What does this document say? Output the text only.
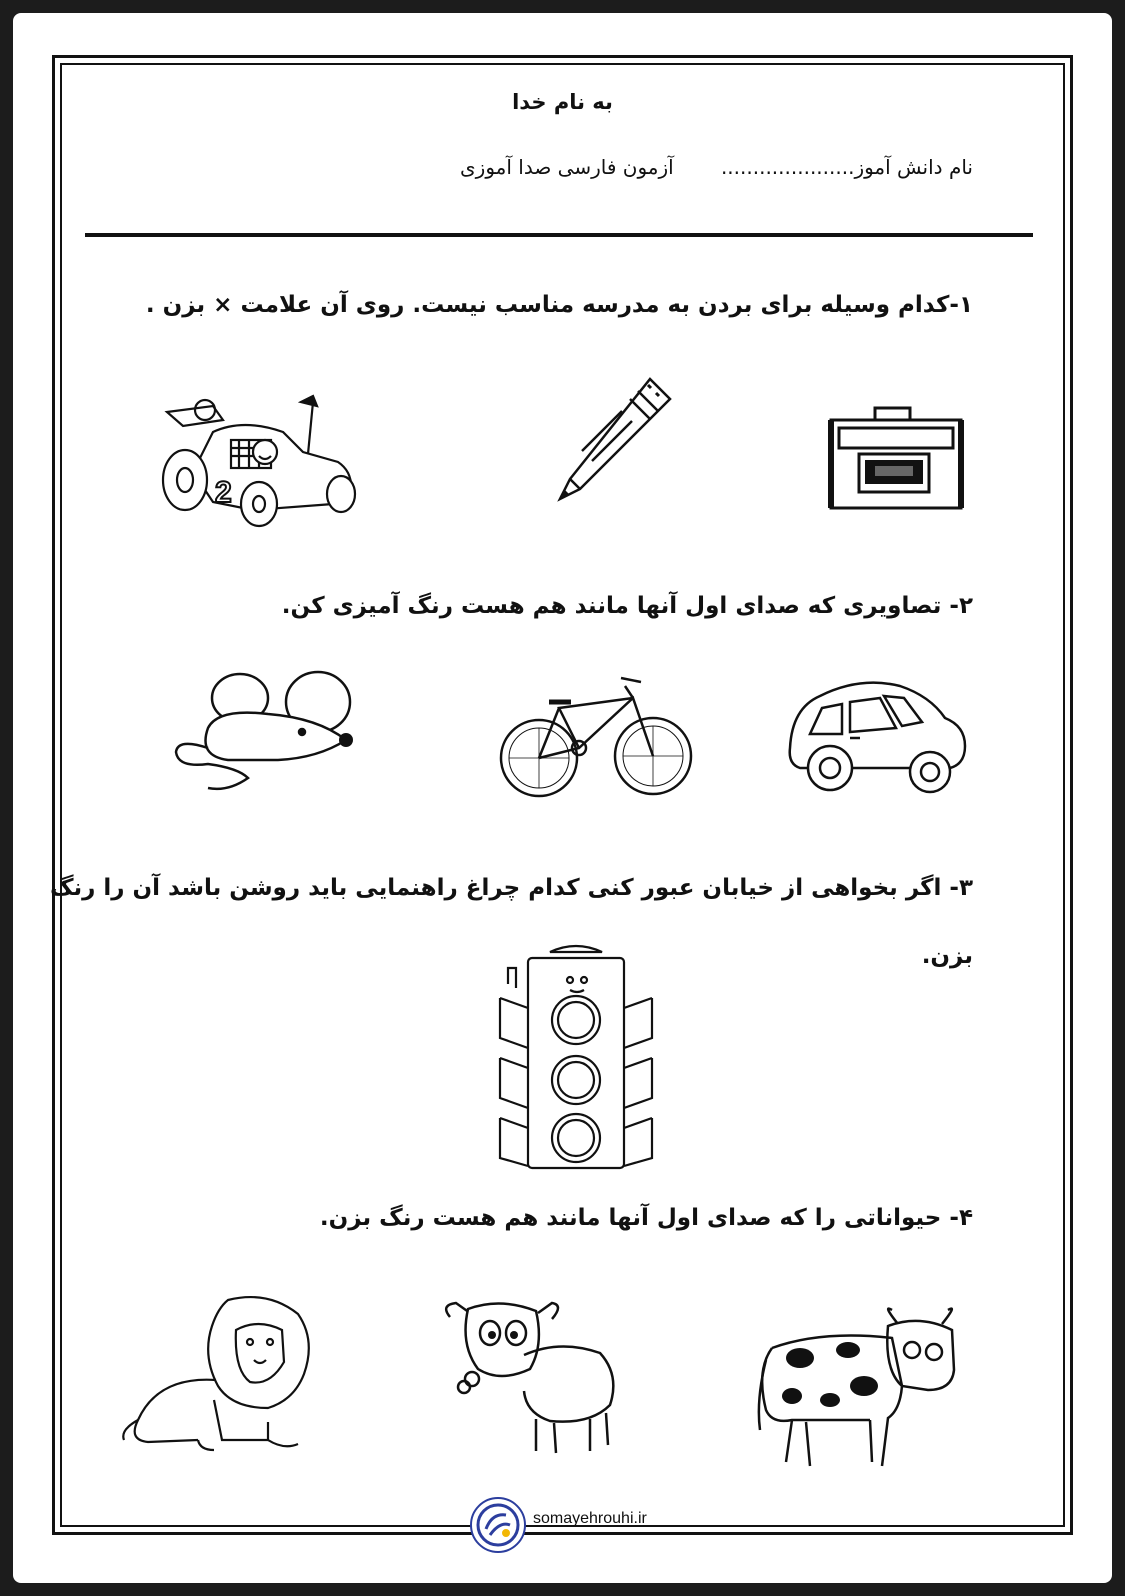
به نام خدا
نام دانش آموز.....................
آزمون فارسی صدا آموزی
۱-کدام وسیله برای بردن به مدرسه مناسب نیست. روی آن علامت × بزن .
2
۲- تصاویری که صدای اول آنها مانند هم هست رنگ آمیزی کن.
۳- اگر بخواهی از خیابان عبور کنی کدام چراغ راهنمایی باید روشن باشد آن را رنگ
بزن.
۴- حیواناتی را که صدای اول آنها مانند هم هست رنگ بزن.
somayehrouhi.ir
